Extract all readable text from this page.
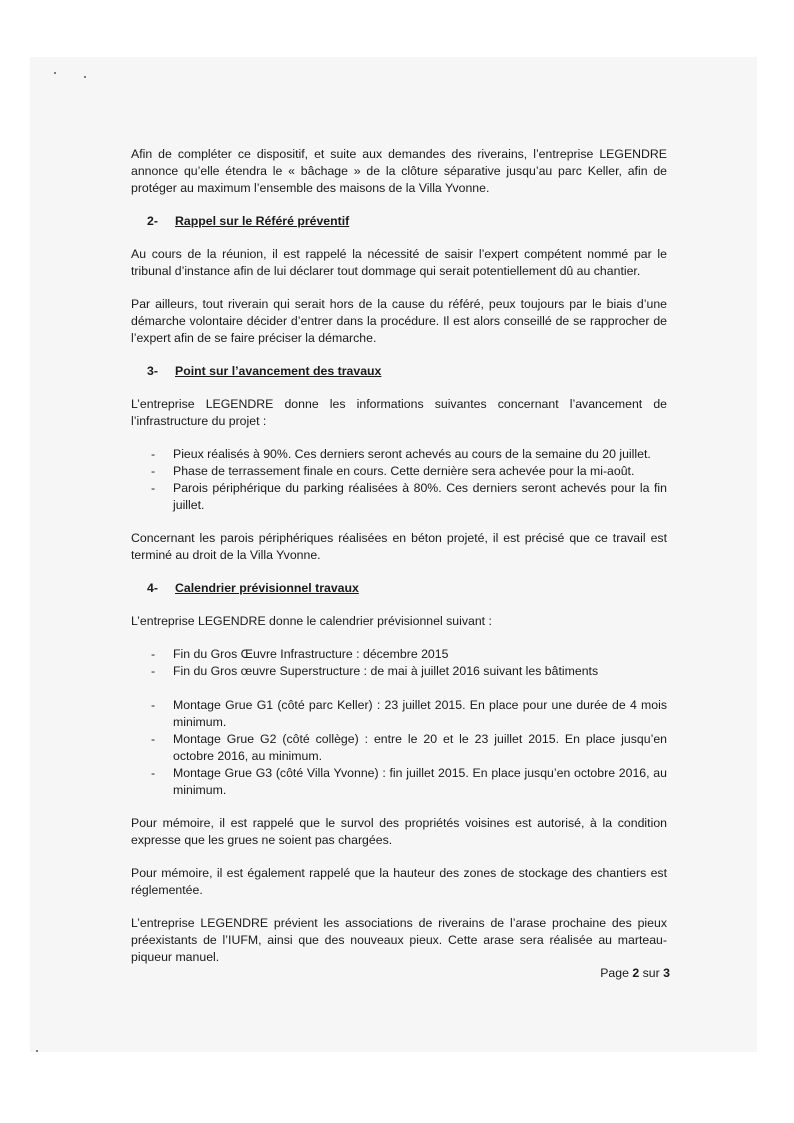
Afin de compléter ce dispositif, et suite aux demandes des riverains, l’entreprise LEGENDRE annonce qu’elle étendra le « bâchage » de la clôture séparative jusqu’au parc Keller, afin de protéger au maximum l’ensemble des maisons de la Villa Yvonne.

2- Rappel sur le Référé préventif

Au cours de la réunion, il est rappelé la nécessité de saisir l’expert compétent nommé par le tribunal d’instance afin de lui déclarer tout dommage qui serait potentiellement dû au chantier.

Par ailleurs, tout riverain qui serait hors de la cause du référé, peux toujours par le biais d’une démarche volontaire décider d’entrer dans la procédure. Il est alors conseillé de se rapprocher de l’expert afin de se faire préciser la démarche.

3- Point sur l’avancement des travaux

L’entreprise LEGENDRE donne les informations suivantes concernant l’avancement de l’infrastructure du projet :

- Pieux réalisés à 90%. Ces derniers seront achevés au cours de la semaine du 20 juillet.
- Phase de terrassement finale en cours. Cette dernière sera achevée pour la mi-août.
- Parois périphérique du parking réalisées à 80%. Ces derniers seront achevés pour la fin juillet.

Concernant les parois périphériques réalisées en béton projeté, il est précisé que ce travail est terminé au droit de la Villa Yvonne.

4- Calendrier prévisionnel travaux

L’entreprise LEGENDRE donne le calendrier prévisionnel suivant :

- Fin du Gros Œuvre Infrastructure : décembre 2015
- Fin du Gros œuvre Superstructure : de mai à juillet 2016 suivant les bâtiments
- Montage Grue G1 (côté parc Keller) : 23 juillet 2015. En place pour une durée de 4 mois minimum.
- Montage Grue G2 (côté collège) : entre le 20 et le 23 juillet 2015. En place jusqu’en octobre 2016, au minimum.
- Montage Grue G3 (côté Villa Yvonne) : fin juillet 2015. En place jusqu’en octobre 2016, au minimum.

Pour mémoire, il est rappelé que le survol des propriétés voisines est autorisé, à la condition expresse que les grues ne soient pas chargées.

Pour mémoire, il est également rappelé que la hauteur des zones de stockage des chantiers est réglementée.

L’entreprise LEGENDRE prévient les associations de riverains de l’arase prochaine des pieux préexistants de l’IUFM, ainsi que des nouveaux pieux. Cette arase sera réalisée au marteau-piqueur manuel.

Page 2 sur 3
